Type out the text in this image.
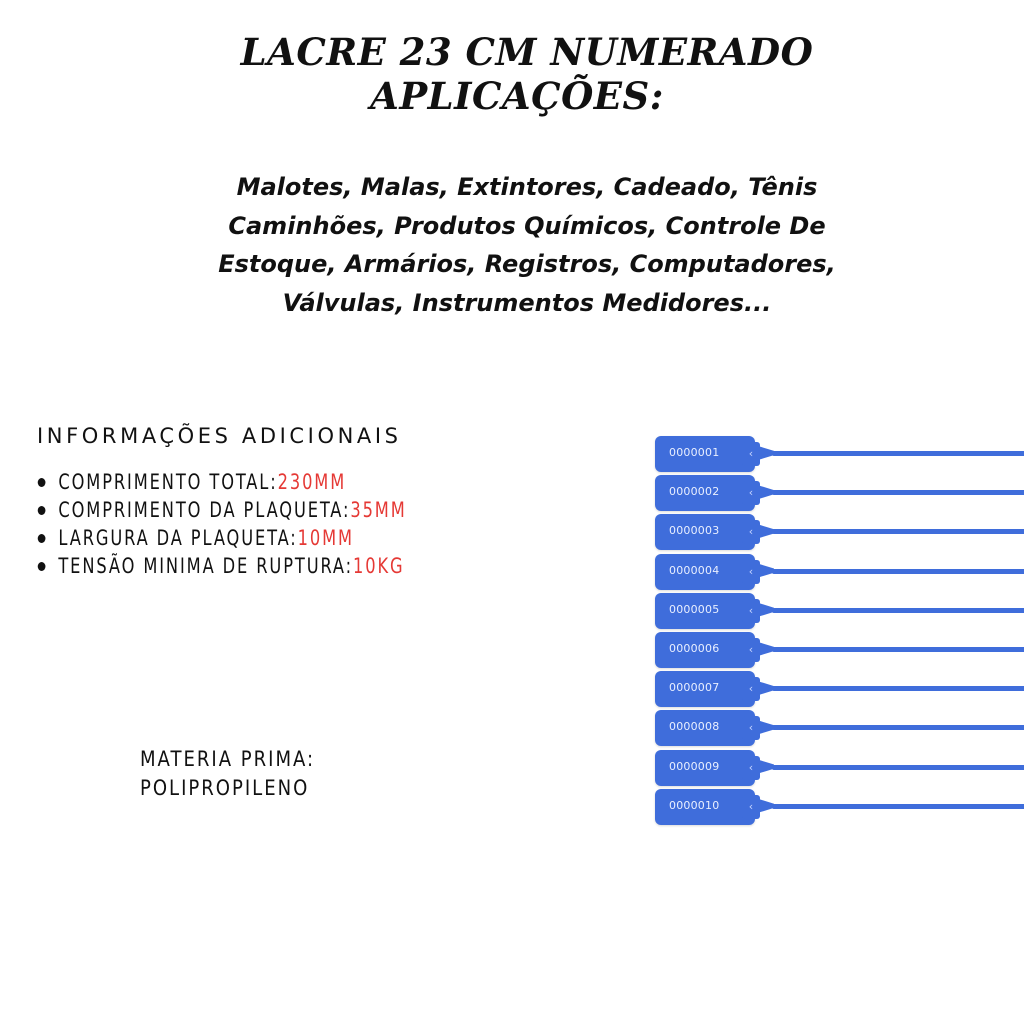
LACRE 23 CM NUMERADO
APLICAÇÕES:
Malotes, Malas, Extintores, Cadeado, Tênis
Caminhões, Produtos Químicos, Controle De
Estoque, Armários, Registros, Computadores,
Válvulas, Instrumentos Medidores...
INFORMAÇÕES ADICIONAIS
COMPRIMENTO TOTAL: 230MM
COMPRIMENTO DA PLAQUETA: 35MM
LARGURA DA PLAQUETA: 10MM
TENSÃO MINIMA DE RUPTURA: 10KG
MATERIA PRIMA:
POLIPROPILENO
0000001	‹
0000002	‹
0000003	‹
0000004	‹
0000005	‹
0000006	‹
0000007	‹
0000008	‹
0000009	‹
0000010	‹
